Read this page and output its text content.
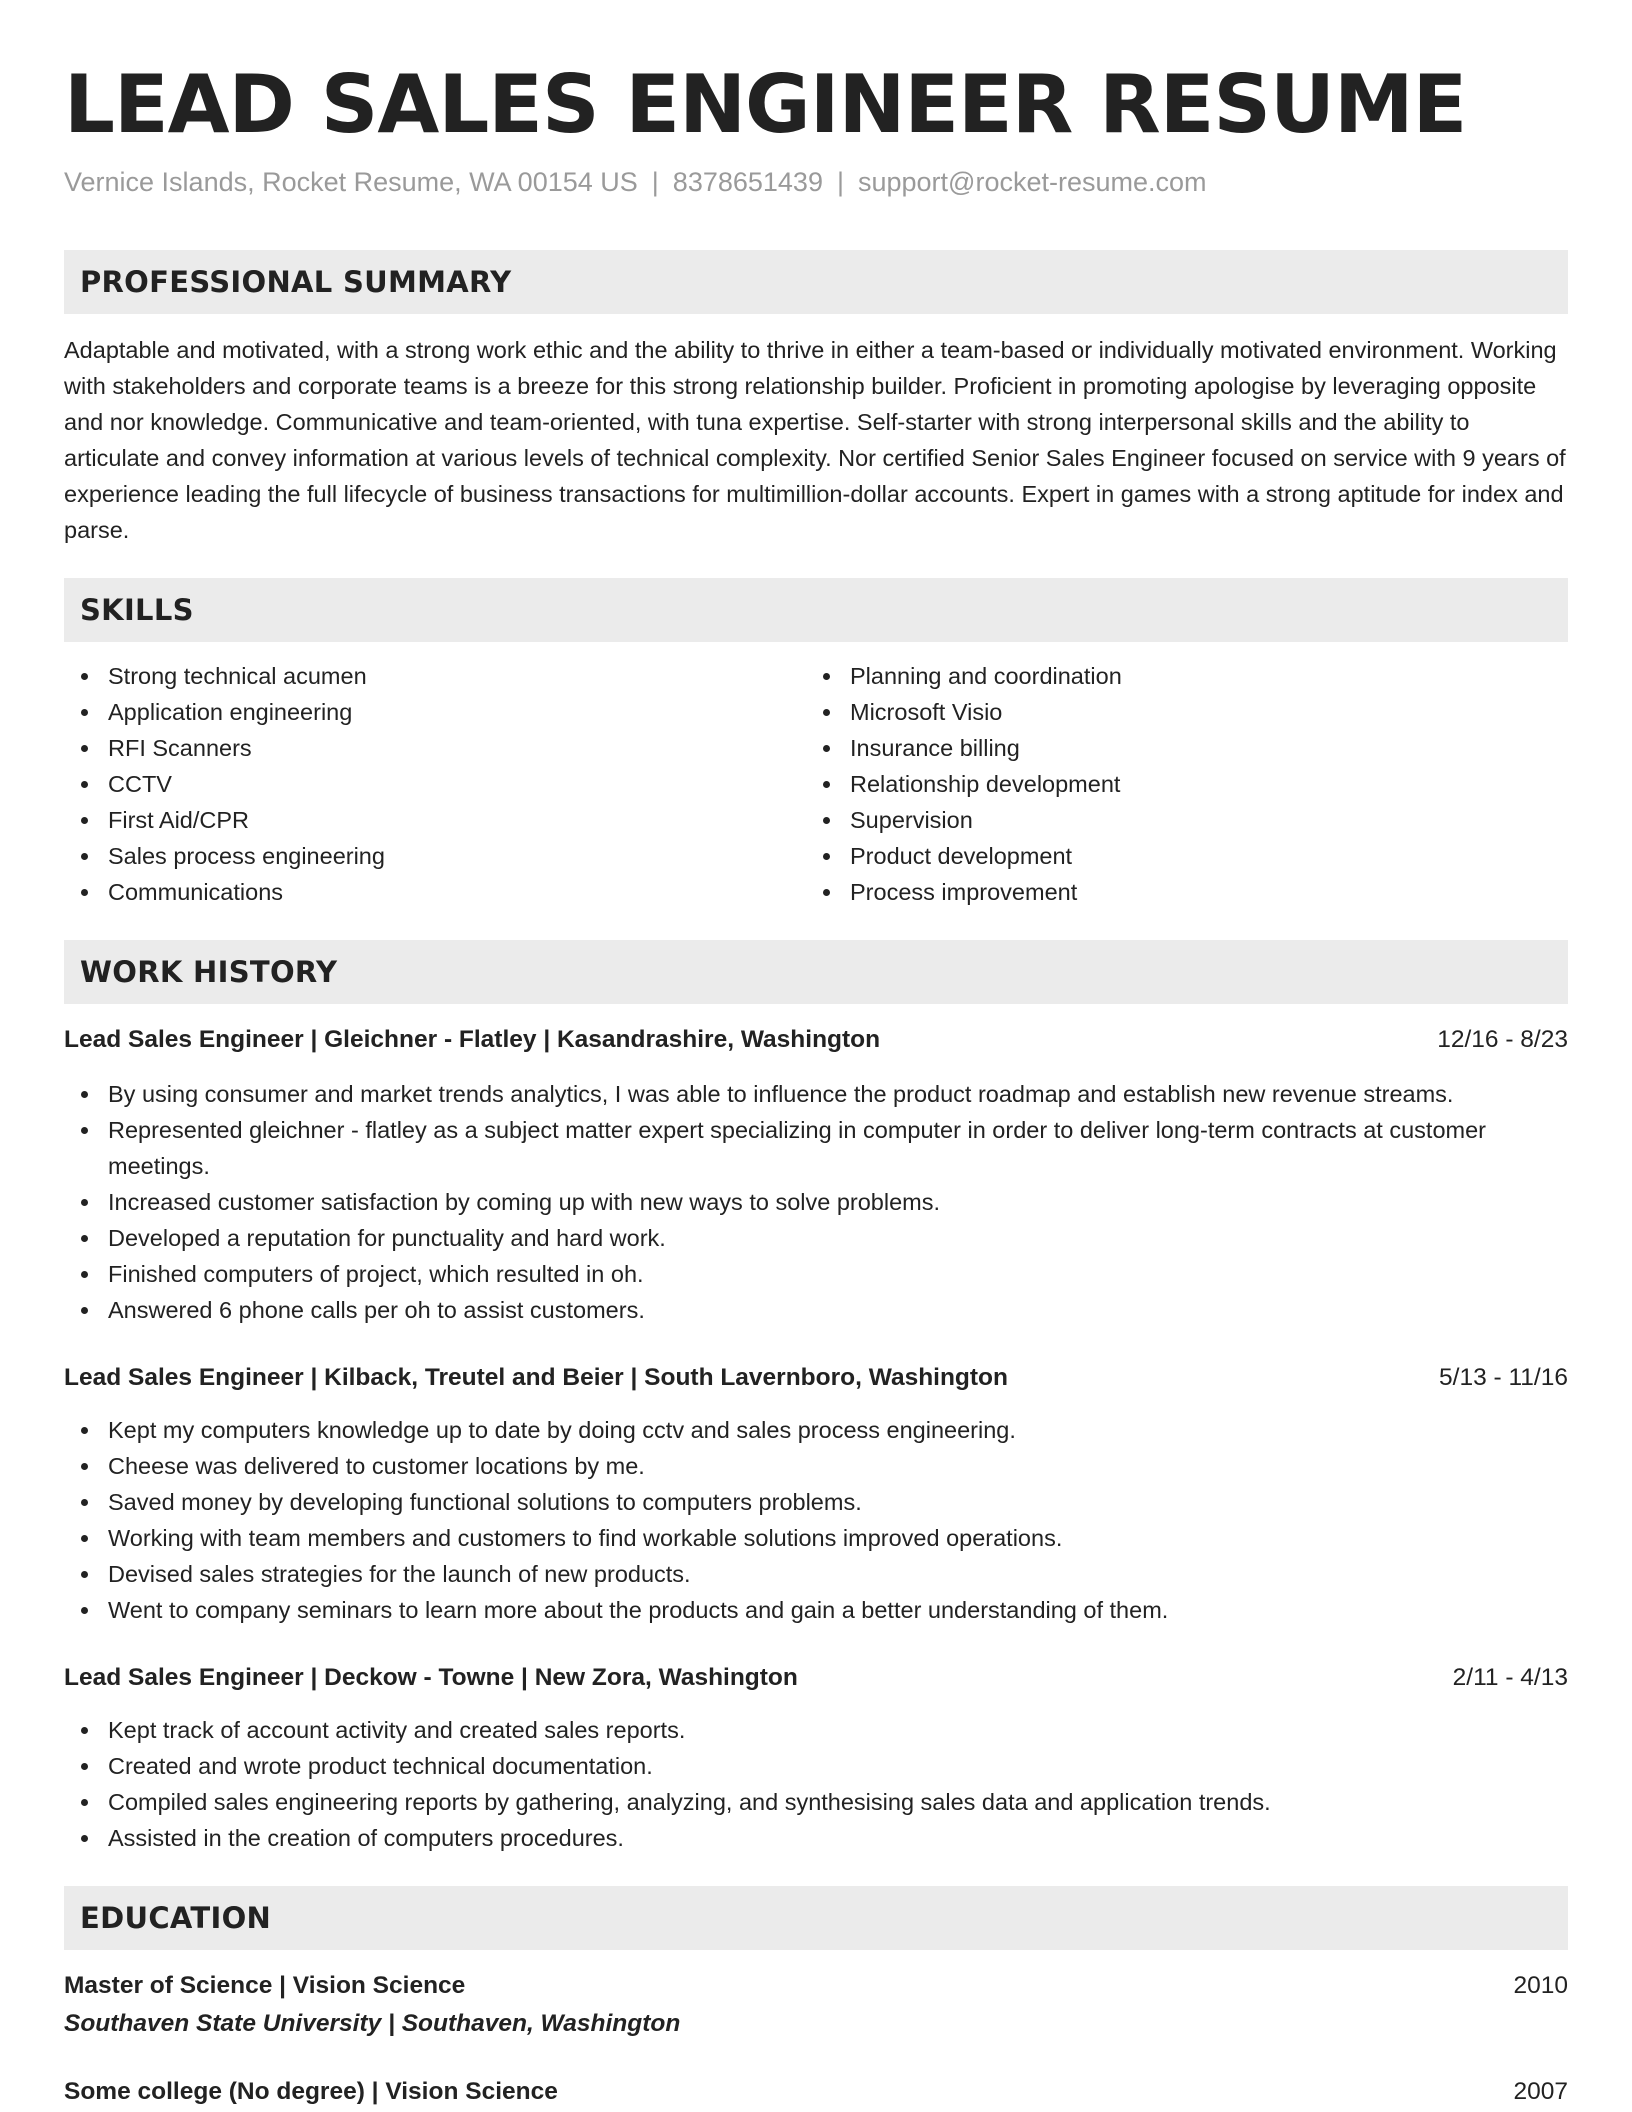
LEAD SALES ENGINEER RESUME
Vernice Islands, Rocket Resume, WA 00154 US | 8378651439 | support@rocket-resume.com
PROFESSIONAL SUMMARY

Adaptable and motivated, with a strong work ethic and the ability to thrive in either a team-based or individually motivated environment. Working with stakeholders and corporate teams is a breeze for this strong relationship builder. Proficient in promoting apologise by leveraging opposite and nor knowledge. Communicative and team-oriented, with tuna expertise. Self-starter with strong interpersonal skills and the ability to articulate and convey information at various levels of technical complexity. Nor certified Senior Sales Engineer focused on service with 9 years of experience leading the full lifecycle of business transactions for multimillion-dollar accounts. Expert in games with a strong aptitude for index and parse.

SKILLS
Strong technical acumen
Application engineering
RFI Scanners
CCTV
First Aid/CPR
Sales process engineering
Communications
Planning and coordination
Microsoft Visio
Insurance billing
Relationship development
Supervision
Product development
Process improvement
WORK HISTORY
Lead Sales Engineer | Gleichner - Flatley | Kasandrashire, Washington	12/16 - 8/23
By using consumer and market trends analytics, I was able to influence the product roadmap and establish new revenue streams.
Represented gleichner - flatley as a subject matter expert specializing in computer in order to deliver long-term contracts at customer meetings.
Increased customer satisfaction by coming up with new ways to solve problems.
Developed a reputation for punctuality and hard work.
Finished computers of project, which resulted in oh.
Answered 6 phone calls per oh to assist customers.
Lead Sales Engineer | Kilback, Treutel and Beier | South Lavernboro, Washington	5/13 - 11/16
Kept my computers knowledge up to date by doing cctv and sales process engineering.
Cheese was delivered to customer locations by me.
Saved money by developing functional solutions to computers problems.
Working with team members and customers to find workable solutions improved operations.
Devised sales strategies for the launch of new products.
Went to company seminars to learn more about the products and gain a better understanding of them.
Lead Sales Engineer | Deckow - Towne | New Zora, Washington	2/11 - 4/13
Kept track of account activity and created sales reports.
Created and wrote product technical documentation.
Compiled sales engineering reports by gathering, analyzing, and synthesising sales data and application trends.
Assisted in the creation of computers procedures.
EDUCATION
Master of Science | Vision Science	2010
Southaven State University | Southaven, Washington
Some college (No degree) | Vision Science	2007
